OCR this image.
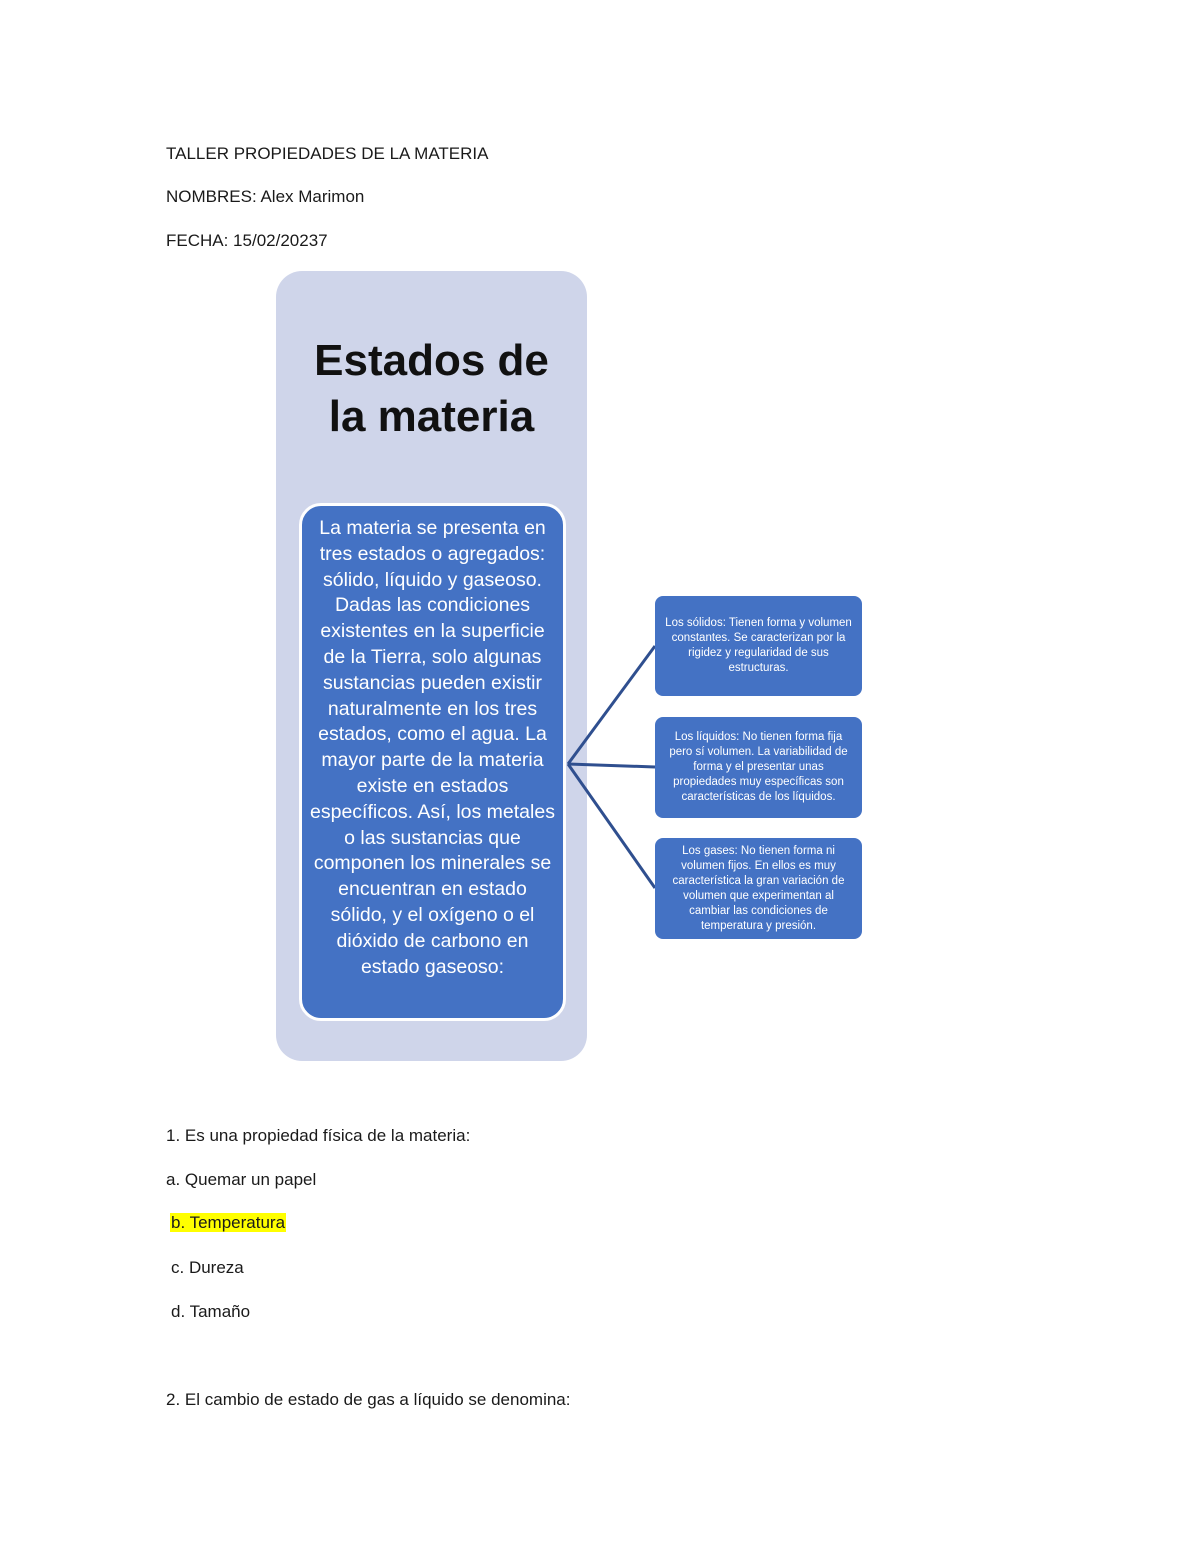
TALLER PROPIEDADES DE LA MATERIA
NOMBRES: Alex Marimon
FECHA: 15/02/20237
Estados de
la materia
La materia se presenta en tres estados o agregados: sólido, líquido y gaseoso. Dadas las condiciones existentes en la superficie de la Tierra, solo algunas sustancias pueden existir naturalmente en los tres estados, como el agua. La mayor parte de la materia existe en estados específicos. Así, los metales o las sustancias que componen los minerales se encuentran en estado sólido, y el oxígeno o el dióxido de carbono en estado gaseoso:
Los sólidos: Tienen forma y volumen constantes. Se caracterizan por la rigidez y regularidad de sus estructuras.
Los líquidos: No tienen forma fija pero sí volumen. La variabilidad de forma y el presentar unas propiedades muy específicas son características de los líquidos.
Los gases: No tienen forma ni volumen fijos. En ellos es muy característica la gran variación de volumen que experimentan al cambiar las condiciones de temperatura y presión.
1. Es una propiedad física de la materia:
a. Quemar un papel
b. Temperatura
c. Dureza
d. Tamaño
2. El cambio de estado de gas a líquido se denomina:
